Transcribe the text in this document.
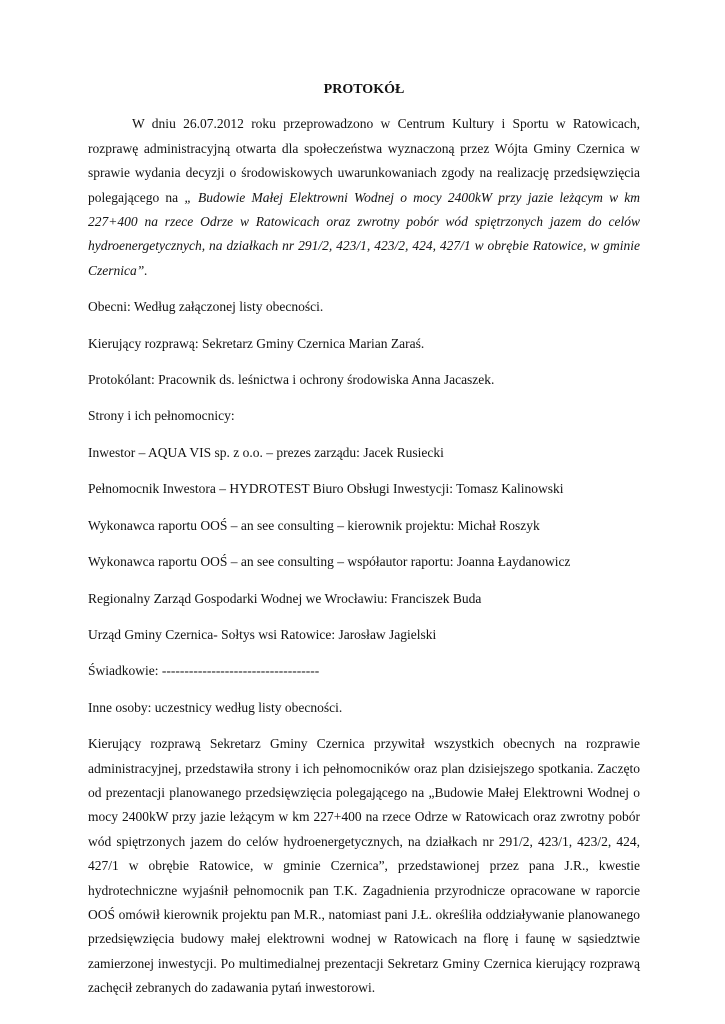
PROTOKÓŁ

W dniu 26.07.2012 roku przeprowadzono w Centrum Kultury i Sportu w Ratowicach, rozprawę administracyjną otwarta dla społeczeństwa wyznaczoną przez Wójta Gminy Czernica w sprawie wydania decyzji o środowiskowych uwarunkowaniach zgody na realizację przedsięwzięcia polegającego na „ Budowie Małej Elektrowni Wodnej o mocy 2400kW przy jazie leżącym w km 227+400 na rzece Odrze w Ratowicach oraz zwrotny pobór wód spiętrzonych jazem do celów hydroenergetycznych, na działkach nr 291/2, 423/1, 423/2, 424, 427/1 w obrębie Ratowice, w gminie Czernica”.

Obecni: Według załączonej listy obecności.

Kierujący rozprawą: Sekretarz Gminy Czernica Marian Zaraś.

Protokólant: Pracownik ds. leśnictwa i ochrony środowiska Anna Jacaszek.

Strony i ich pełnomocnicy:

Inwestor – AQUA VIS sp. z o.o. – prezes zarządu: Jacek Rusiecki

Pełnomocnik Inwestora – HYDROTEST Biuro Obsługi Inwestycji: Tomasz Kalinowski

Wykonawca raportu OOŚ – an see consulting – kierownik projektu: Michał Roszyk

Wykonawca raportu OOŚ – an see consulting – współautor raportu: Joanna Łaydanowicz

Regionalny Zarząd Gospodarki Wodnej we Wrocławiu: Franciszek Buda

Urząd Gminy Czernica- Sołtys wsi Ratowice: Jarosław Jagielski

Świadkowie: -----------------------------------

Inne osoby: uczestnicy według listy obecności.

Kierujący rozprawą Sekretarz Gminy Czernica przywitał wszystkich obecnych na rozprawie administracyjnej, przedstawiła strony i ich pełnomocników oraz plan dzisiejszego spotkania. Zaczęto od prezentacji planowanego przedsięwzięcia polegającego na „Budowie Małej Elektrowni Wodnej o mocy 2400kW przy jazie leżącym w km 227+400 na rzece Odrze w Ratowicach oraz zwrotny pobór wód spiętrzonych jazem do celów hydroenergetycznych, na działkach nr 291/2, 423/1, 423/2, 424, 427/1 w obrębie Ratowice, w gminie Czernica”, przedstawionej przez pana J.R., kwestie hydrotechniczne wyjaśnił pełnomocnik pan T.K. Zagadnienia przyrodnicze opracowane w raporcie OOŚ omówił kierownik projektu pan M.R., natomiast pani J.Ł. określiła oddziaływanie planowanego przedsięwzięcia budowy małej elektrowni wodnej w Ratowicach na florę i faunę w sąsiedztwie zamierzonej inwestycji. Po multimedialnej prezentacji Sekretarz Gminy Czernica kierujący rozprawą zachęcił zebranych do zadawania pytań inwestorowi.
